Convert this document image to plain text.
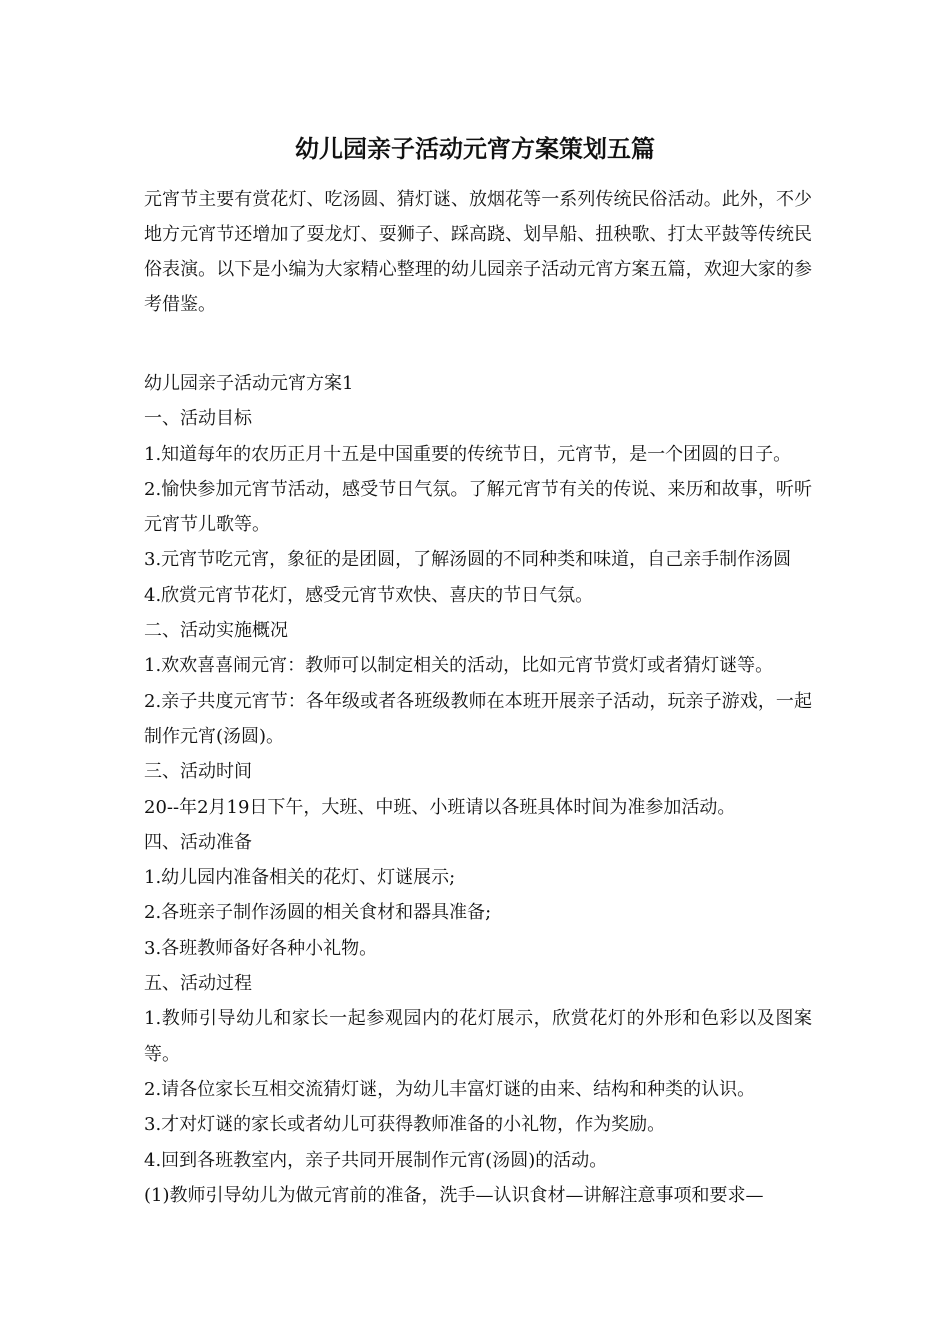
幼儿园亲子活动元宵方案策划五篇

元宵节主要有赏花灯、吃汤圆、猜灯谜、放烟花等一系列传统民俗活动。此外，不少地方元宵节还增加了耍龙灯、耍狮子、踩高跷、划旱船、扭秧歌、打太平鼓等传统民俗表演。以下是小编为大家精心整理的幼儿园亲子活动元宵方案五篇，欢迎大家的参考借鉴。

幼儿园亲子活动元宵方案1

一、活动目标

1.知道每年的农历正月十五是中国重要的传统节日，元宵节，是一个团圆的日子。

2.愉快参加元宵节活动，感受节日气氛。了解元宵节有关的传说、来历和故事，听听元宵节儿歌等。

3.元宵节吃元宵，象征的是团圆，了解汤圆的不同种类和味道，自己亲手制作汤圆

4.欣赏元宵节花灯，感受元宵节欢快、喜庆的节日气氛。

二、活动实施概况

1.欢欢喜喜闹元宵：教师可以制定相关的活动，比如元宵节赏灯或者猜灯谜等。

2.亲子共度元宵节：各年级或者各班级教师在本班开展亲子活动，玩亲子游戏，一起制作元宵(汤圆)。

三、活动时间

20--年2月19日下午，大班、中班、小班请以各班具体时间为准参加活动。

四、活动准备

1.幼儿园内准备相关的花灯、灯谜展示;

2.各班亲子制作汤圆的相关食材和器具准备;

3.各班教师备好各种小礼物。

五、活动过程

1.教师引导幼儿和家长一起参观园内的花灯展示，欣赏花灯的外形和色彩以及图案等。

2.请各位家长互相交流猜灯谜，为幼儿丰富灯谜的由来、结构和种类的认识。

3.才对灯谜的家长或者幼儿可获得教师准备的小礼物，作为奖励。

4.回到各班教室内，亲子共同开展制作元宵(汤圆)的活动。

(1)教师引导幼儿为做元宵前的准备，洗手—认识食材—讲解注意事项和要求—
